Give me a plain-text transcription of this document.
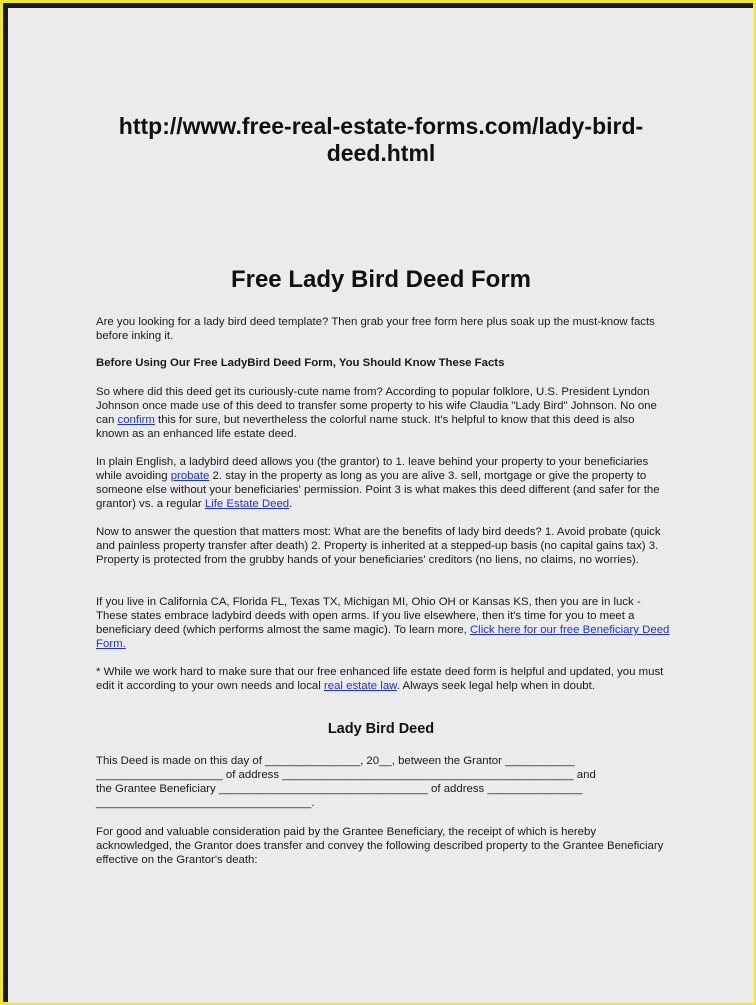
http://www.free-real-estate-forms.com/lady-bird-
deed.html
Free Lady Bird Deed Form

Are you looking for a lady bird deed template? Then grab your free form here plus soak up the must-know facts before inking it.

Before Using Our Free LadyBird Deed Form, You Should Know These Facts

So where did this deed get its curiously-cute name from? According to popular folklore, U.S. President Lyndon Johnson once made use of this deed to transfer some property to his wife Claudia "Lady Bird" Johnson. No one can confirm this for sure, but nevertheless the colorful name stuck. It's helpful to know that this deed is also known as an enhanced life estate deed.

In plain English, a ladybird deed allows you (the grantor) to 1. leave behind your property to your beneficiaries while avoiding probate 2. stay in the property as long as you are alive 3. sell, mortgage or give the property to someone else without your beneficiaries' permission. Point 3 is what makes this deed different (and safer for the grantor) vs. a regular Life Estate Deed.

Now to answer the question that matters most: What are the benefits of lady bird deeds? 1. Avoid probate (quick and painless property transfer after death) 2. Property is inherited at a stepped-up basis (no capital gains tax) 3. Property is protected from the grubby hands of your beneficiaries' creditors (no liens, no claims, no worries).

If you live in California CA, Florida FL, Texas TX, Michigan MI, Ohio OH or Kansas KS, then you are in luck - These states embrace ladybird deeds with open arms. If you live elsewhere, then it's time for you to meet a beneficiary deed (which performs almost the same magic). To learn more, Click here for our free Beneficiary Deed Form.

* While we work hard to make sure that our free enhanced life estate deed form is helpful and updated, you must edit it according to your own needs and local real estate law. Always seek legal help when in doubt.

Lady Bird Deed
This Deed is made on this day of _______________, 20__, between the Grantor ___________
____________________ of address ______________________________________________ and
the Grantee Beneficiary _________________________________ of address _______________
__________________________________.

For good and valuable consideration paid by the Grantee Beneficiary, the receipt of which is hereby acknowledged, the Grantor does transfer and convey the following described property to the Grantee Beneficiary effective on the Grantor's death:
